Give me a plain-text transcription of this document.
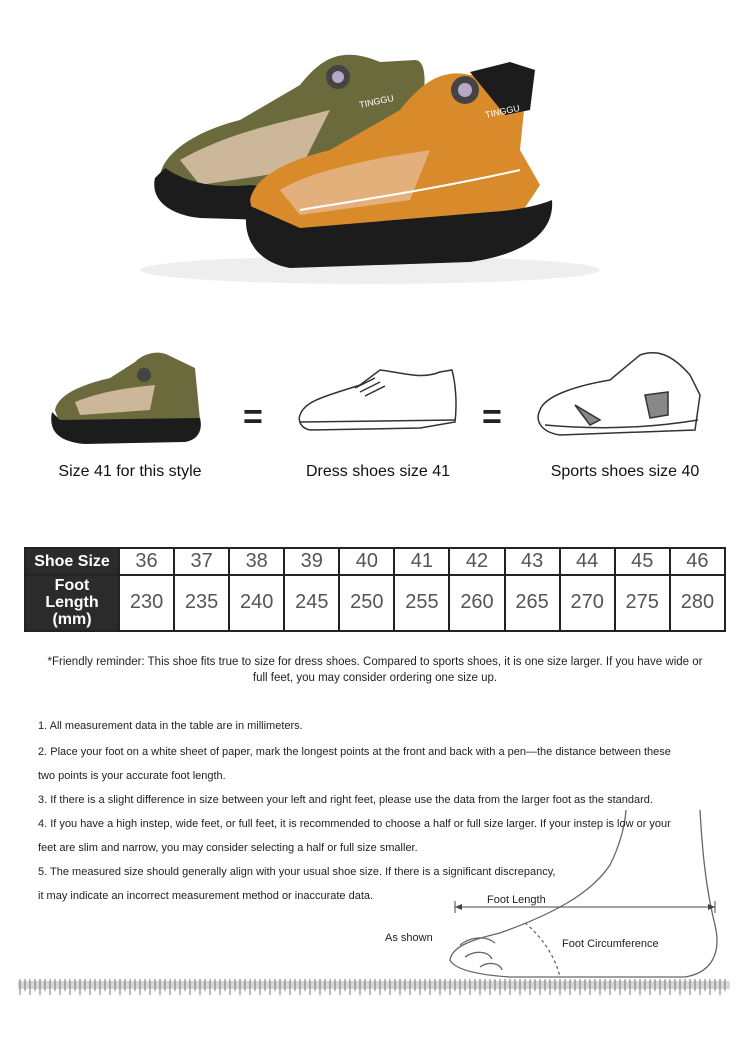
TINGGU
TINGGU
=	=
Size 41 for this style	Dress shoes size 41	Sports shoes size 40
Shoe Size	36	37	38	39	40	41	42	43	44	45	46
Foot Length
(mm)	230	235	240	245	250	255	260	265	270	275	280
*Friendly reminder: This shoe fits true to size for dress shoes. Compared to sports shoes, it is one size larger. If you have wide or
full feet, you may consider ordering one size up.
Foot Length
Foot Circumference
As shown
1. All measurement data in the table are in millimeters.
2. Place your foot on a white sheet of paper, mark the longest points at the front and back with a pen—the distance between these
two points is your accurate foot length.
3. If there is a slight difference in size between your left and right feet, please use the data from the larger foot as the standard.
4. If you have a high instep, wide feet, or full feet, it is recommended to choose a half or full size larger. If your instep is low or your
feet are slim and narrow, you may consider selecting a half or full size smaller.
5. The measured size should generally align with your usual shoe size. If there is a significant discrepancy,
it may indicate an incorrect measurement method or inaccurate data.
